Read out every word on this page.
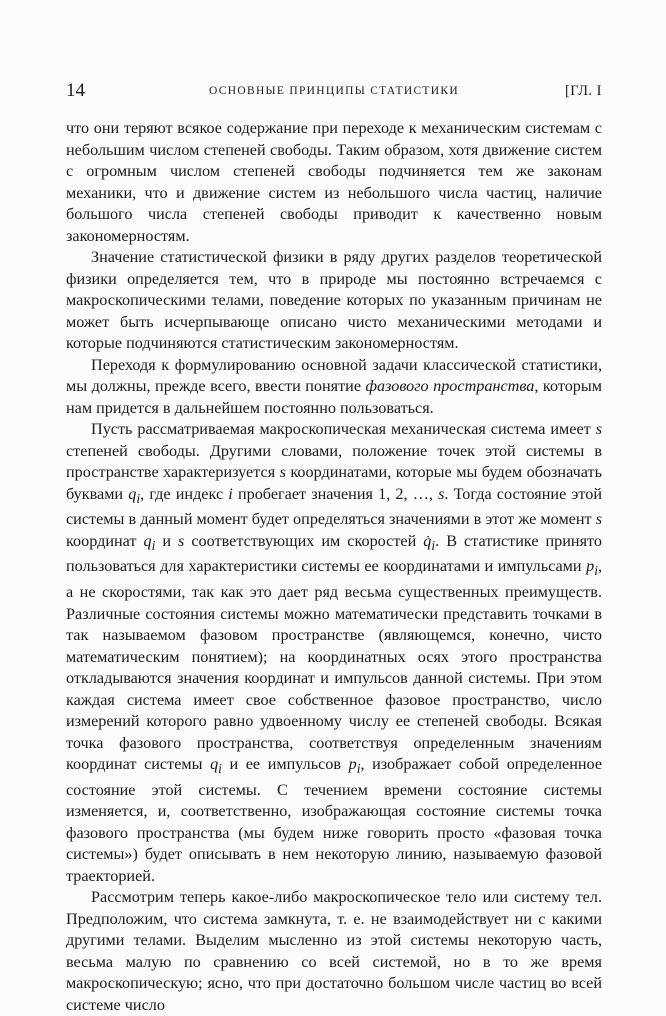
14	ОСНОВНЫЕ ПРИНЦИПЫ СТАТИСТИКИ	[ГЛ. I

что они теряют всякое содержание при переходе к механическим системам с небольшим числом степеней свободы. Таким образом, хотя движение систем с огромным числом степеней свободы подчиняется тем же законам механики, что и движение систем из небольшого числа частиц, наличие большого числа степеней свободы приводит к качественно новым закономерностям.

Значение статистической физики в ряду других разделов теоретической физики определяется тем, что в природе мы постоянно встречаемся с макроскопическими телами, поведение которых по указанным причинам не может быть исчерпывающе описано чисто механическими методами и которые подчиняются статистическим закономерностям.

Переходя к формулированию основной задачи классической статистики, мы должны, прежде всего, ввести понятие фазового пространства, которым нам придется в дальнейшем постоянно пользоваться.

Пусть рассматриваемая макроскопическая механическая система имеет s степеней свободы. Другими словами, положение точек этой системы в пространстве характеризуется s координатами, которые мы будем обозначать буквами $q_i$, где индекс i пробегает значения 1, 2, …, s. Тогда состояние этой системы в данный момент будет определяться значениями в этот же момент s координат $q_i$ и s соответствующих им скоростей $q̇_i$. В статистике принято пользоваться для характеристики системы ее координатами и импульсами $p_i$, а не скоростями, так как это дает ряд весьма существенных преимуществ. Различные состояния системы можно математически представить точками в так называемом фазовом пространстве (являющемся, конечно, чисто математическим понятием); на координатных осях этого пространства откладываются значения координат и импульсов данной системы. При этом каждая система имеет свое собственное фазовое пространство, число измерений которого равно удвоенному числу ее степеней свободы. Всякая точка фазового пространства, соответствуя определенным значениям координат системы $q_i$ и ее импульсов $p_i$, изображает собой определенное состояние этой системы. С течением времени состояние системы изменяется, и, соответственно, изображающая состояние системы точка фазового пространства (мы будем ниже говорить просто «фазовая точка системы») будет описывать в нем некоторую линию, называемую фазовой траекторией.

Рассмотрим теперь какое-либо макроскопическое тело или систему тел. Предположим, что система замкнута, т. е. не взаимодействует ни с какими другими телами. Выделим мысленно из этой системы некоторую часть, весьма малую по сравнению со всей системой, но в то же время макроскопическую; ясно, что при достаточно большом числе частиц во всей системе число
